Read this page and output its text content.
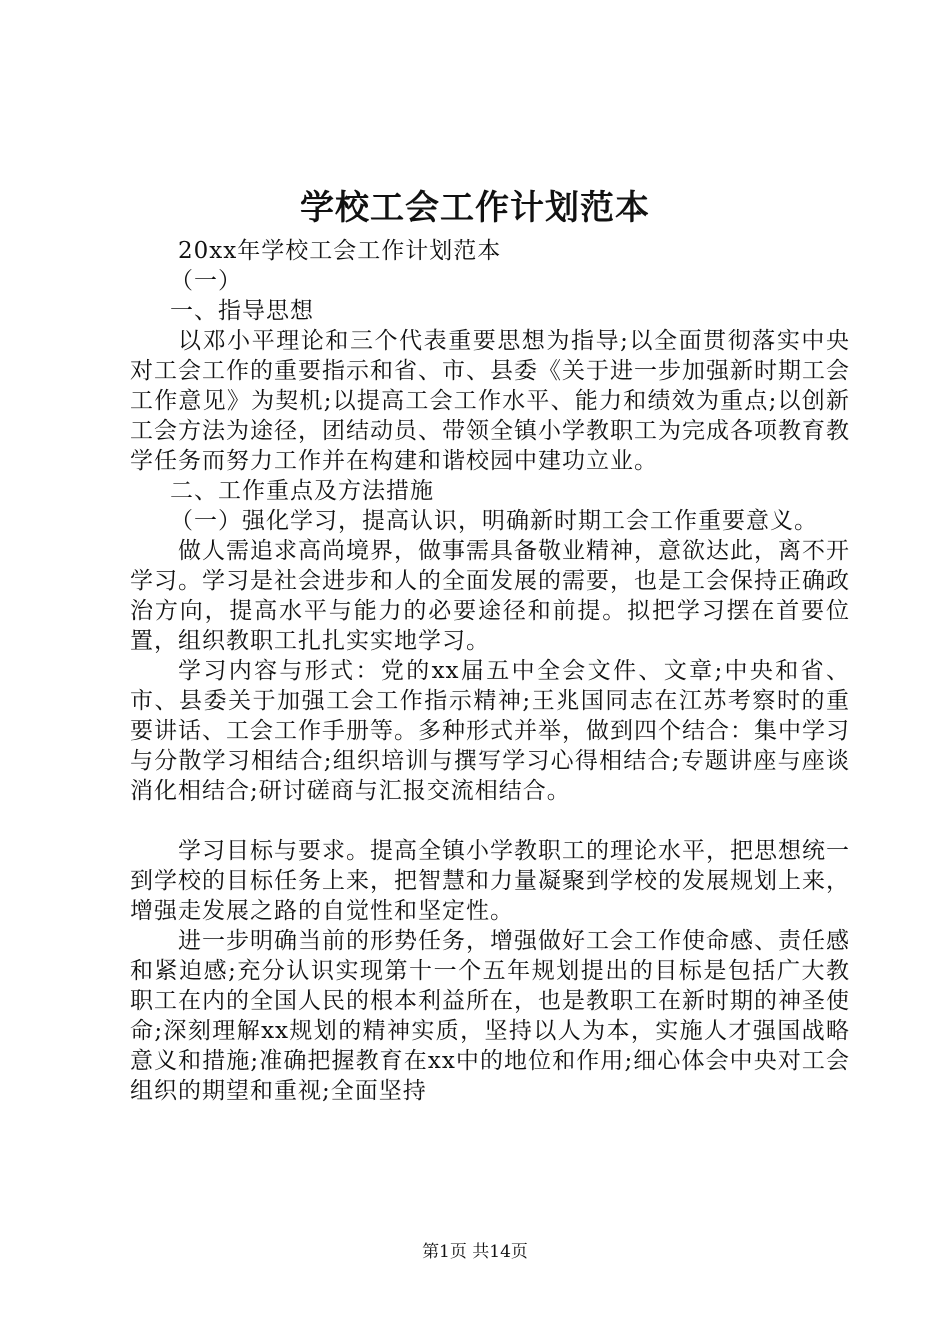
学校工会工作计划范本

20xx年学校工会工作计划范本

（一）

一、指导思想

以邓小平理论和三个代表重要思想为指导;以全面贯彻落实中央对工会工作的重要指示和省、市、县委《关于进一步加强新时期工会工作意见》为契机;以提高工会工作水平、能力和绩效为重点;以创新工会方法为途径，团结动员、带领全镇小学教职工为完成各项教育教学任务而努力工作并在构建和谐校园中建功立业。

二、工作重点及方法措施

（一）强化学习，提高认识，明确新时期工会工作重要意义。

做人需追求高尚境界，做事需具备敬业精神，意欲达此，离不开学习。学习是社会进步和人的全面发展的需要，也是工会保持正确政治方向，提高水平与能力的必要途径和前提。拟把学习摆在首要位置，组织教职工扎扎实实地学习。

学习内容与形式：党的xx届五中全会文件、文章;中央和省、市、县委关于加强工会工作指示精神;王兆国同志在江苏考察时的重要讲话、工会工作手册等。多种形式并举，做到四个结合：集中学习与分散学习相结合;组织培训与撰写学习心得相结合;专题讲座与座谈消化相结合;研讨磋商与汇报交流相结合。

学习目标与要求。提高全镇小学教职工的理论水平，把思想统一到学校的目标任务上来，把智慧和力量凝聚到学校的发展规划上来，增强走发展之路的自觉性和坚定性。

进一步明确当前的形势任务，增强做好工会工作使命感、责任感和紧迫感;充分认识实现第十一个五年规划提出的目标是包括广大教职工在内的全国人民的根本利益所在，也是教职工在新时期的神圣使命;深刻理解xx规划的精神实质，坚持以人为本，实施人才强国战略意义和措施;准确把握教育在xx中的地位和作用;细心体会中央对工会组织的期望和重视;全面坚持

第1页 共14页
